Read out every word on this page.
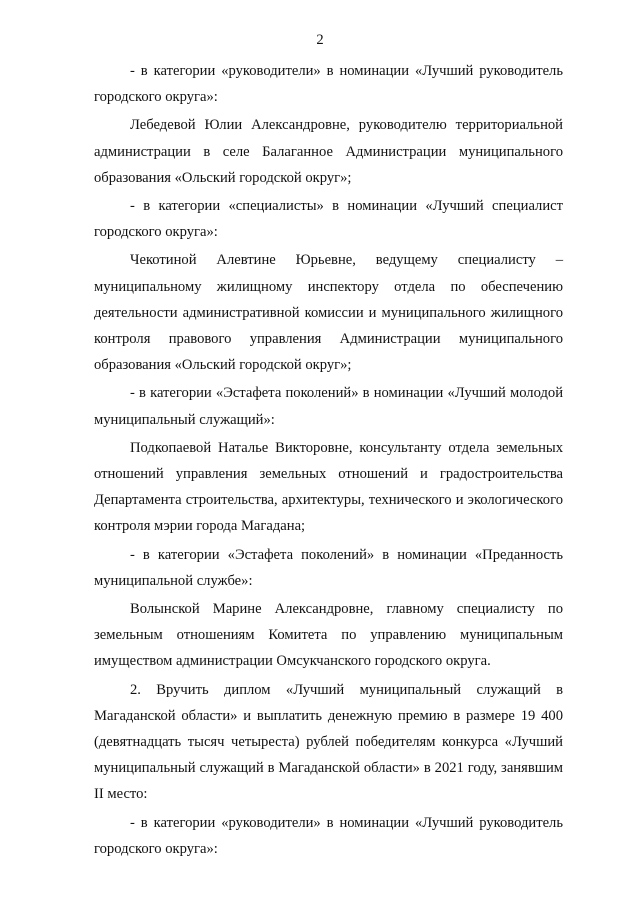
2

- в категории «руководители» в номинации «Лучший руководитель городского округа»:

Лебедевой Юлии Александровне, руководителю территориальной администрации в селе Балаганное Администрации муниципального образования «Ольский городской округ»;

- в категории «специалисты» в номинации «Лучший специалист городского округа»:

Чекотиной Алевтине Юрьевне, ведущему специалисту – муниципальному жилищному инспектору отдела по обеспечению деятельности административной комиссии и муниципального жилищного контроля правового управления Администрации муниципального образования «Ольский городской округ»;

- в категории «Эстафета поколений» в номинации «Лучший молодой муниципальный служащий»:

Подкопаевой Наталье Викторовне, консультанту отдела земельных отношений управления земельных отношений и градостроительства Департамента строительства, архитектуры, технического и экологического контроля мэрии города Магадана;

- в категории «Эстафета поколений» в номинации «Преданность муниципальной службе»:

Волынской Марине Александровне, главному специалисту по земельным отношениям Комитета по управлению муниципальным имуществом администрации Омсукчанского городского округа.

2. Вручить диплом «Лучший муниципальный служащий в Магаданской области» и выплатить денежную премию в размере 19 400 (девятнадцать тысяч четыреста) рублей победителям конкурса «Лучший муниципальный служащий в Магаданской области» в 2021 году, занявшим II место:

- в категории «руководители» в номинации «Лучший руководитель городского округа»:
